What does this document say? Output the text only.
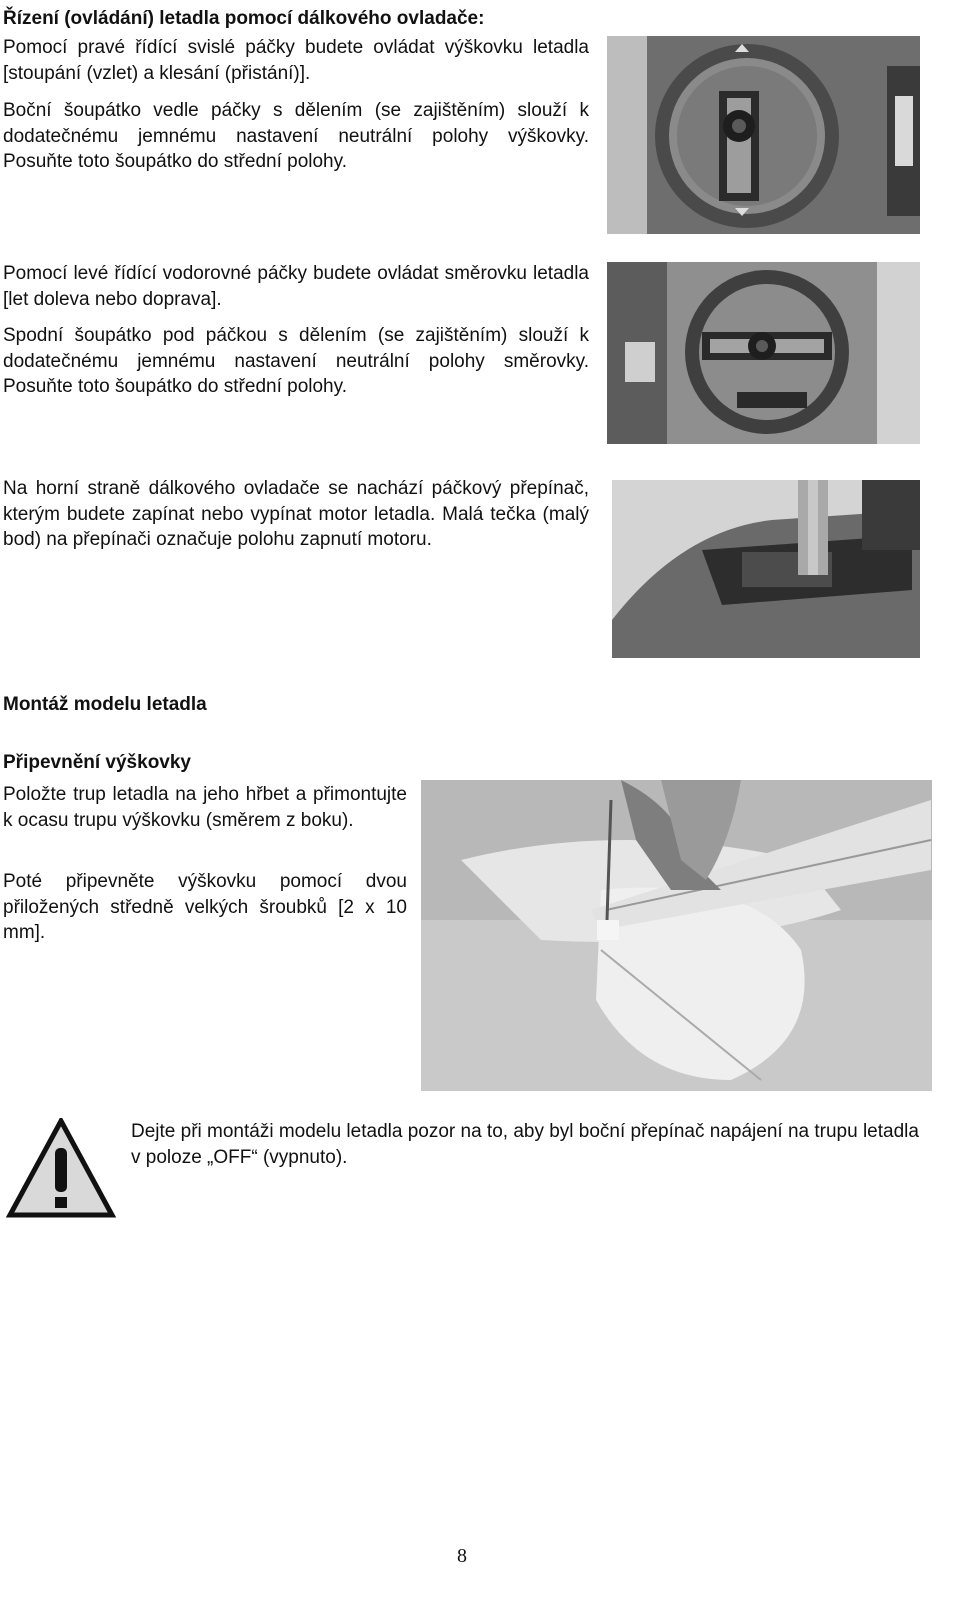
Řízení (ovládání) letadla pomocí dálkového ovladače:

Pomocí pravé řídící svislé páčky budete ovládat výškovku letadla [stoupání (vzlet) a klesání (přistání)].

Boční šoupátko vedle páčky s dělením (se zajištěním) slouží k dodatečnému jemnému nastavení neutrální polohy výškovky. Posuňte toto šoupátko do střední polohy.

Pomocí levé řídící vodorovné páčky budete ovládat směrovku letadla [let doleva nebo doprava].

Spodní šoupátko pod páčkou s dělením (se zajištěním) slouží k dodatečnému jemnému nastavení neutrální polohy směrovky. Posuňte toto šoupátko do střední polohy.

Na horní straně dálkového ovladače se nachází páčkový přepínač, kterým budete zapínat nebo vypínat motor letadla. Malá tečka (malý bod) na přepínači označuje polohu zapnutí motoru.

Montáž modelu letadla
Připevnění výškovky

Položte trup letadla na jeho hřbet a přimontujte k ocasu trupu výškovku (směrem z boku).

Poté připevněte výškovku pomocí dvou přiložených středně velkých šroubků [2 x 10 mm].

Dejte při montáži modelu letadla pozor na to, aby byl boční přepínač napájení na trupu letadla v poloze „OFF“ (vypnuto).

8
